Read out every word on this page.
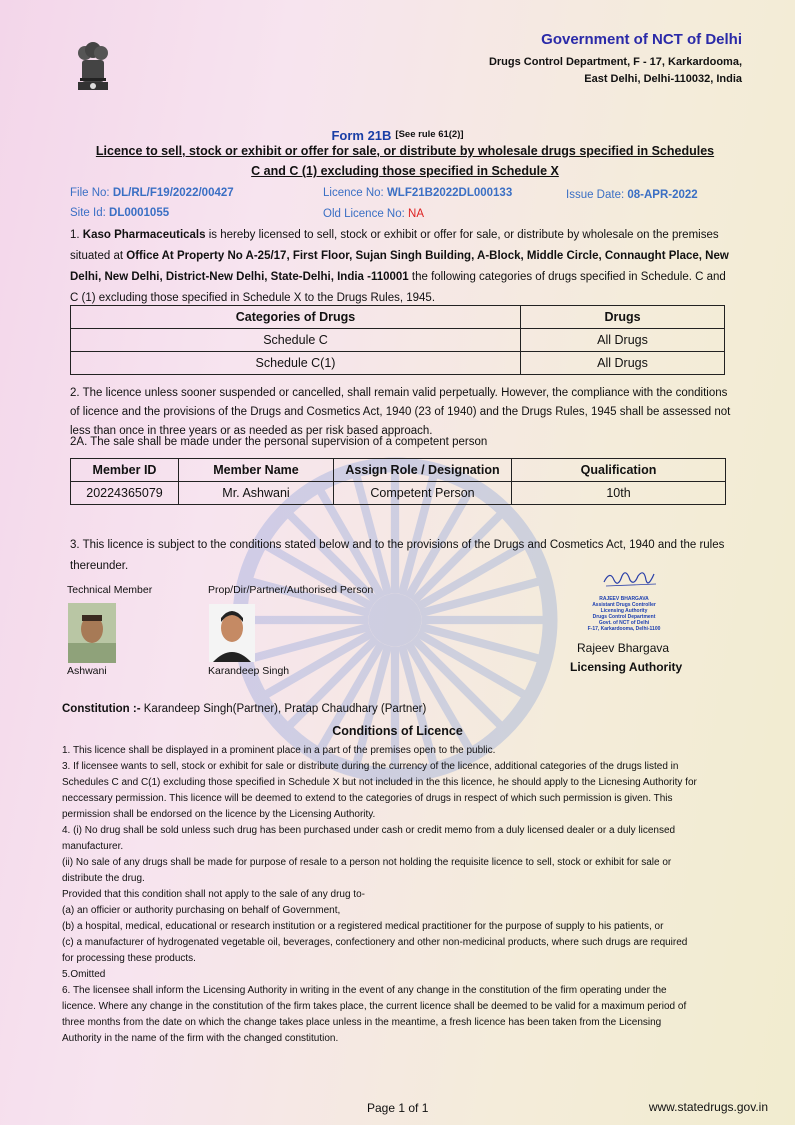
Government of NCT of Delhi
Drugs Control Department, F - 17, Karkardooma,
East Delhi, Delhi-110032, India
Form 21B [See rule 61(2)]
Licence to sell, stock or exhibit or offer for sale, or distribute by wholesale drugs specified in Schedules
C and C (1) excluding those specified in Schedule X
File No: DL/RL/F19/2022/00427	Licence No: WLF21B2022DL000133	Issue Date: 08-APR-2022
Site Id: DL0001055	Old Licence No: NA
1. Kaso Pharmaceuticals is hereby licensed to sell, stock or exhibit or offer for sale, or distribute by wholesale on the premises situated at Office At Property No A-25/17, First Floor, Sujan Singh Building, A-Block, Middle Circle, Connaught Place, New Delhi, New Delhi, District-New Delhi, State-Delhi, India -110001 the following categories of drugs specified in Schedule. C and C (1) excluding those specified in Schedule X to the Drugs Rules, 1945.
Categories of Drugs	Drugs
Schedule C	All Drugs
Schedule C(1)	All Drugs
2. The licence unless sooner suspended or cancelled, shall remain valid perpetually. However, the compliance with the conditions of licence and the provisions of the Drugs and Cosmetics Act, 1940 (23 of 1940) and the Drugs Rules, 1945 shall be assessed not less than once in three years or as needed as per risk based approach.
2A. The sale shall be made under the personal supervision of a competent person
Member ID	Member Name	Assign Role / Designation	Qualification
20224365079	Mr. Ashwani	Competent Person	10th
3. This licence is subject to the conditions stated below and to the provisions of the Drugs and Cosmetics Act, 1940 and the rules thereunder.
Technical Member
Ashwani
Prop/Dir/Partner/Authorised Person
Karandeep Singh
RAJEEV BHARGAVA
Assistant Drugs Controller
Licensing Authority
Drugs Control Department
Govt. of NCT of Delhi
F-17, Karkardooma, Delhi-1100
Rajeev Bhargava
Licensing Authority
Constitution :- Karandeep Singh(Partner), Pratap Chaudhary (Partner)
Conditions of Licence
1. This licence shall be displayed in a prominent place in a part of the premises open to the public.
3. If licensee wants to sell, stock or exhibit for sale or distribute during the currency of the licence, additional categories of the drugs listed in
Schedules C and C(1) excluding those specified in Schedule X but not included in the this licence, he should apply to the Licnesing Authority for
neccessary permission. This licence will be deemed to extend to the categories of drugs in respect of which such permission is given. This
permission shall be endorsed on the licence by the Licensing Authority.
4. (i) No drug shall be sold unless such drug has been purchased under cash or credit memo from a duly licensed dealer or a duly licensed
manufacturer.
(ii) No sale of any drugs shall be made for purpose of resale to a person not holding the requisite licence to sell, stock or exhibit for sale or
distribute the drug.
Provided that this condition shall not apply to the sale of any drug to-
(a) an officier or authority purchasing on behalf of Government,
(b) a hospital, medical, educational or research institution or a registered medical practitioner for the purpose of supply to his patients, or
(c) a manufacturer of hydrogenated vegetable oil, beverages, confectionery and other non-medicinal products, where such drugs are required
for processing these products.
5.Omitted
6. The licensee shall inform the Licensing Authority in writing in the event of any change in the constitution of the firm operating under the
licence. Where any change in the constitution of the firm takes place, the current licence shall be deemed to be valid for a maximum period of
three months from the date on which the change takes place unless in the meantime, a fresh licence has been taken from the Licensing
Authority in the name of the firm with the changed constitution.
Page 1 of 1	www.statedrugs.gov.in
